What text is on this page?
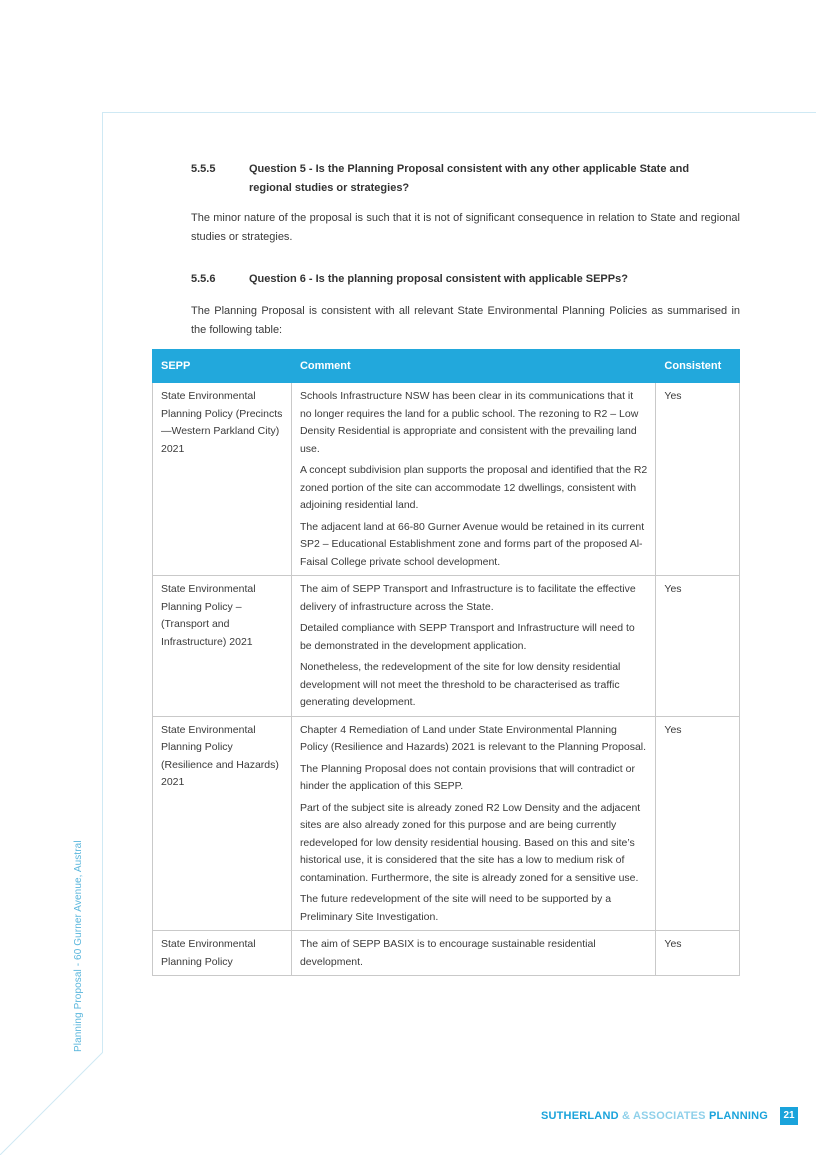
Planning Proposal - 60 Gurner Avenue, Austral
5.5.5	Question 5 - Is the Planning Proposal consistent with any other applicable State and regional studies or strategies?
The minor nature of the proposal is such that it is not of significant consequence in relation to State and regional studies or strategies.
5.5.6	Question 6 - Is the planning proposal consistent with applicable SEPPs?
The Planning Proposal is consistent with all relevant State Environmental Planning Policies as summarised in the following table:
SEPP	Comment	Consistent
State Environmental Planning Policy (Precincts—Western Parkland City) 2021	Schools Infrastructure NSW has been clear in its communications that it no longer requires the land for a public school. The rezoning to R2 – Low Density Residential is appropriate and consistent with the prevailing land use.

A concept subdivision plan supports the proposal and identified that the R2 zoned portion of the site can accommodate 12 dwellings, consistent with adjoining residential land.

The adjacent land at 66-80 Gurner Avenue would be retained in its current SP2 – Educational Establishment zone and forms part of the proposed Al-Faisal College private school development.	Yes
State Environmental Planning Policy – (Transport and Infrastructure) 2021	The aim of SEPP Transport and Infrastructure is to facilitate the effective delivery of infrastructure across the State.

Detailed compliance with SEPP Transport and Infrastructure will need to be demonstrated in the development application.

Nonetheless, the redevelopment of the site for low density residential development will not meet the threshold to be characterised as traffic generating development.	Yes
State Environmental Planning Policy (Resilience and Hazards) 2021	Chapter 4 Remediation of Land under State Environmental Planning Policy (Resilience and Hazards) 2021 is relevant to the Planning Proposal.

The Planning Proposal does not contain provisions that will contradict or hinder the application of this SEPP.

Part of the subject site is already zoned R2 Low Density and the adjacent sites are also already zoned for this purpose and are being currently redeveloped for low density residential housing. Based on this and site’s historical use, it is considered that the site has a low to medium risk of contamination. Furthermore, the site is already zoned for a sensitive use.

The future redevelopment of the site will need to be supported by a Preliminary Site Investigation.	Yes
State Environmental Planning Policy	The aim of SEPP BASIX is to encourage sustainable residential development.	Yes
SUTHERLAND & ASSOCIATES PLANNING	21
